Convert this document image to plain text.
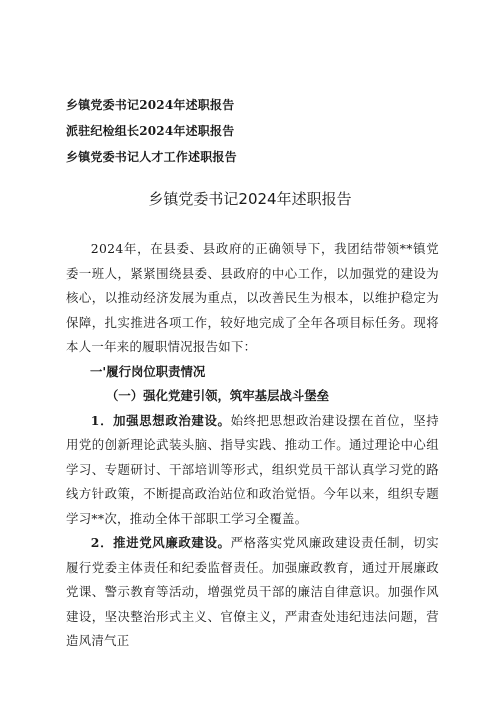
乡镇党委书记2024年述职报告
派驻纪检组长2024年述职报告
乡镇党委书记人才工作述职报告
乡镇党委书记2024年述职报告

2024年，在县委、县政府的正确领导下，我团结带领**镇党委一班人，紧紧围绕县委、县政府的中心工作，以加强党的建设为核心，以推动经济发展为重点，以改善民生为根本，以维护稳定为保障，扎实推进各项工作，较好地完成了全年各项目标任务。现将本人一年来的履职情况报告如下：

一'履行岗位职责情况

（一）强化党建引领，筑牢基层战斗堡垒

1．加强思想政治建设。始终把思想政治建设摆在首位，坚持用党的创新理论武装头脑、指导实践、推动工作。通过理论中心组学习、专题研讨、干部培训等形式，组织党员干部认真学习党的路线方针政策，不断提高政治站位和政治觉悟。今年以来，组织专题学习**次，推动全体干部职工学习全覆盖。

2．推进党风廉政建设。严格落实党风廉政建设责任制，切实履行党委主体责任和纪委监督责任。加强廉政教育，通过开展廉政党课、警示教育等活动，增强党员干部的廉洁自律意识。加强作风建设，坚决整治形式主义、官僚主义，严肃查处违纪违法问题，营造风清气正
